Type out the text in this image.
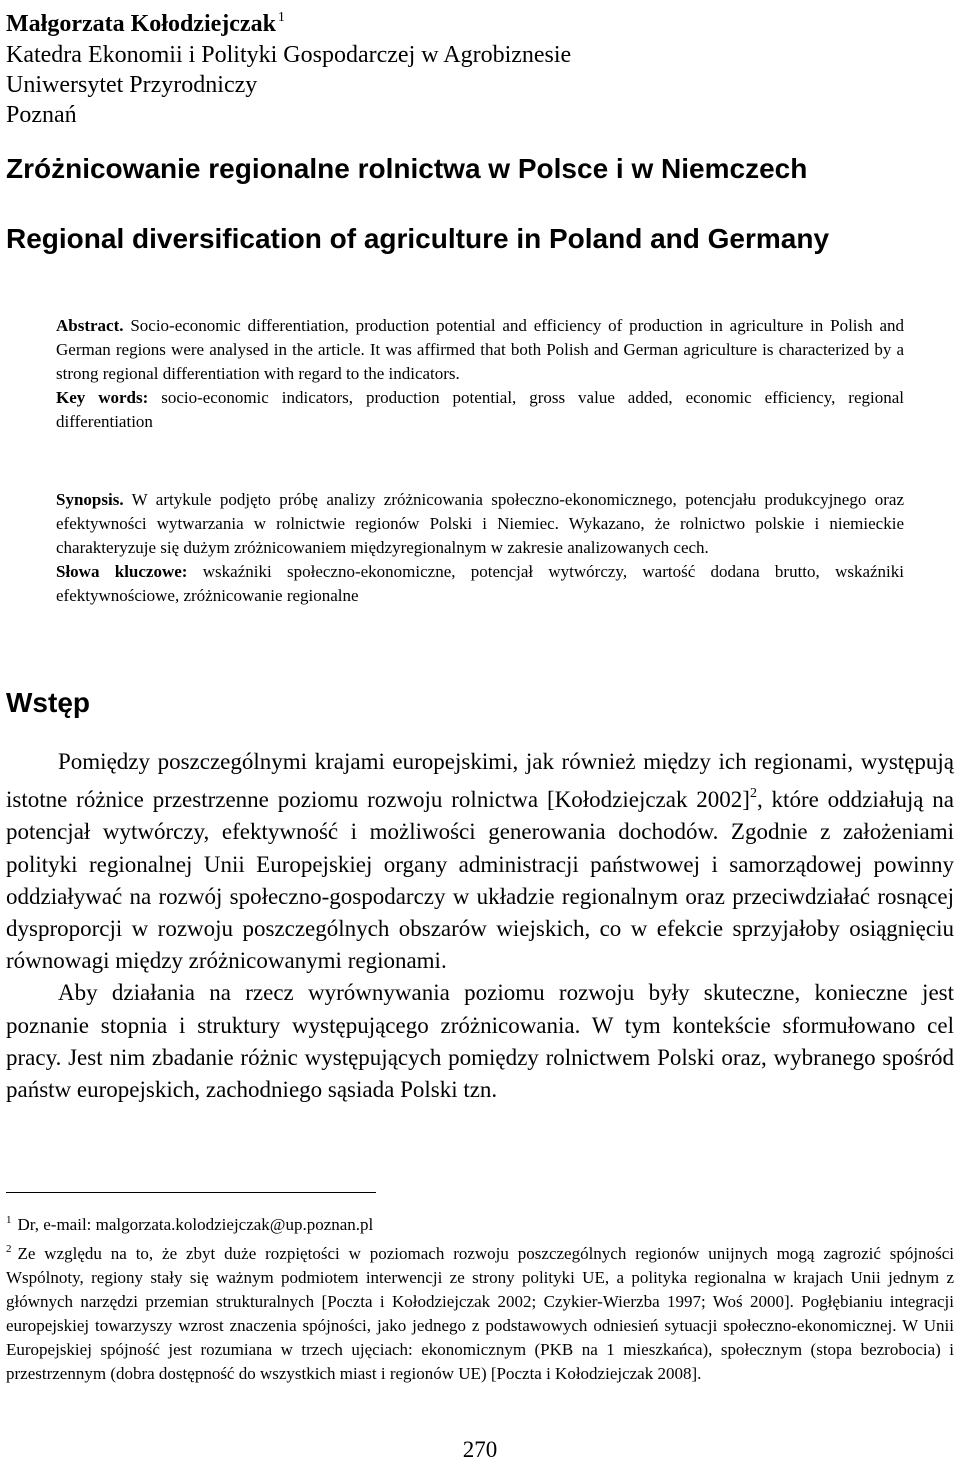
Małgorzata Kołodziejczak $^1$
Katedra Ekonomii i Polityki Gospodarczej w Agrobiznesie
Uniwersytet Przyrodniczy
Poznań
Zróżnicowanie regionalne rolnictwa w Polsce i w Niemczech
Regional diversification of agriculture in Poland and Germany

Abstract. Socio-economic differentiation, production potential and efficiency of production in agriculture in Polish and German regions were analysed in the article. It was affirmed that both Polish and German agriculture is characterized by a strong regional differentiation with regard to the indicators.

Key words: socio-economic indicators, production potential, gross value added, economic efficiency, regional differentiation

Synopsis. W artykule podjęto próbę analizy zróżnicowania społeczno-ekonomicznego, potencjału produkcyjnego oraz efektywności wytwarzania w rolnictwie regionów Polski i Niemiec. Wykazano, że rolnictwo polskie i niemieckie charakteryzuje się dużym zróżnicowaniem międzyregionalnym w zakresie analizowanych cech.

Słowa kluczowe: wskaźniki społeczno-ekonomiczne, potencjał wytwórczy, wartość dodana brutto, wskaźniki efektywnościowe, zróżnicowanie regionalne

Wstęp

Pomiędzy poszczególnymi krajami europejskimi, jak również między ich regionami, występują istotne różnice przestrzenne poziomu rozwoju rolnictwa [Kołodziejczak 2002]$^2$, które oddziałują na potencjał wytwórczy, efektywność i możliwości generowania dochodów. Zgodnie z założeniami polityki regionalnej Unii Europejskiej organy administracji państwowej i samorządowej powinny oddziaływać na rozwój społeczno-gospodarczy w układzie regionalnym oraz przeciwdziałać rosnącej dysproporcji w rozwoju poszczególnych obszarów wiejskich, co w efekcie sprzyjałoby osiągnięciu równowagi między zróżnicowanymi regionami.

Aby działania na rzecz wyrównywania poziomu rozwoju były skuteczne, konieczne jest poznanie stopnia i struktury występującego zróżnicowania. W tym kontekście sformułowano cel pracy. Jest nim zbadanie różnic występujących pomiędzy rolnictwem Polski oraz, wybranego spośród państw europejskich, zachodniego sąsiada Polski tzn.

$^1$ Dr, e-mail: malgorzata.kolodziejczak@up.poznan.pl

$^2$ Ze względu na to, że zbyt duże rozpiętości w poziomach rozwoju poszczególnych regionów unijnych mogą zagrozić spójności Wspólnoty, regiony stały się ważnym podmiotem interwencji ze strony polityki UE, a polityka regionalna w krajach Unii jednym z głównych narzędzi przemian strukturalnych [Poczta i Kołodziejczak 2002; Czykier-Wierzba 1997; Woś 2000]. Pogłębianiu integracji europejskiej towarzyszy wzrost znaczenia spójności, jako jednego z podstawowych odniesień sytuacji społeczno-ekonomicznej. W Unii Europejskiej spójność jest rozumiana w trzech ujęciach: ekonomicznym (PKB na 1 mieszkańca), społecznym (stopa bezrobocia) i przestrzennym (dobra dostępność do wszystkich miast i regionów UE) [Poczta i Kołodziejczak 2008].

270
